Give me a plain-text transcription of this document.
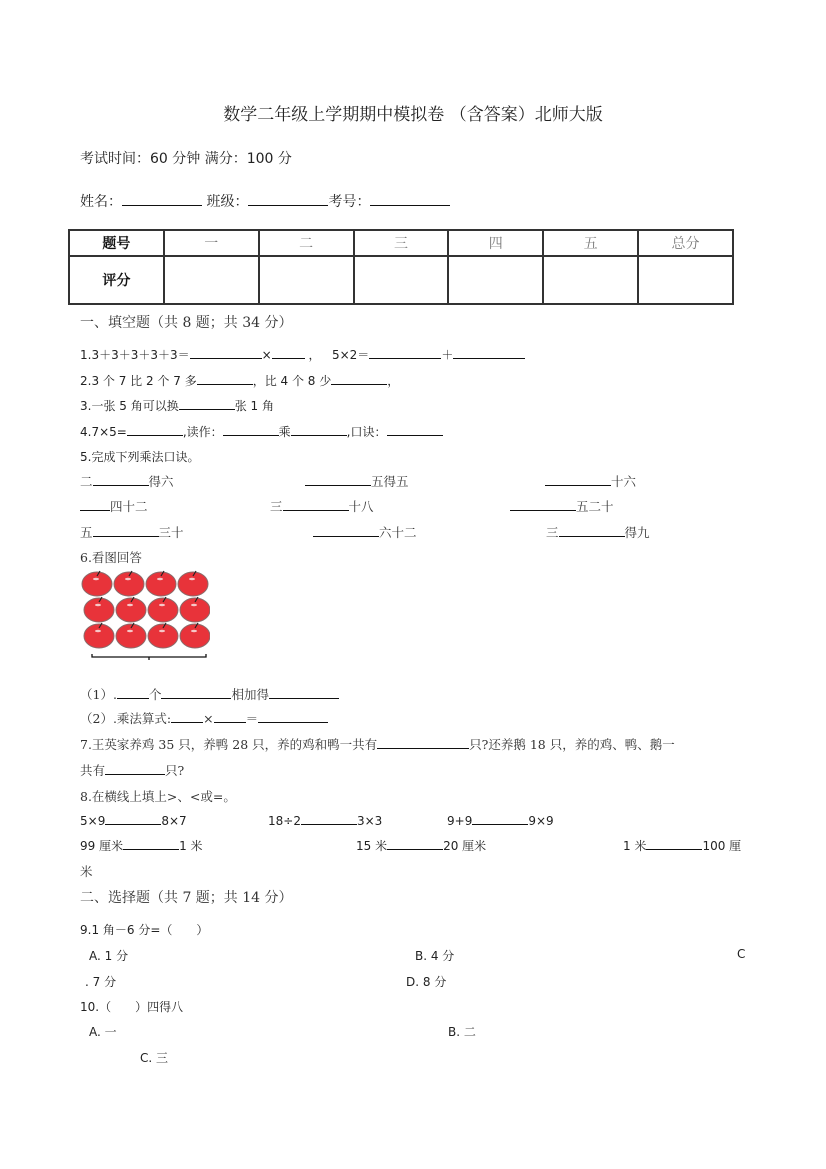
数学二年级上学期期中模拟卷 （含答案）北师大版
考试时间：60 分钟 满分：100 分
姓名：	班级：	考号：
题号	一	二	三	四	五	总分
评分						
一、填空题（共 8 题；共 34 分）
1.3＋3＋3＋3＋3＝	×	， 5×2＝	＋
2.3 个 7 比 2 个 7 多	，比 4 个 8 少	，
3.一张 5 角可以换	张 1 角
4.7×5=	,读作：	乘	,口诀：
5.完成下列乘法口诀。
二	得六	五得五	十六
四十二	三	十八	五二十
五	三十	六十二	三	得九
6.看图回答
（1）.	个	相加得
（2）.乘法算式:	×	＝
7.王英家养鸡 35 只，养鸭 28 只，养的鸡和鸭一共有	只?还养鹅 18 只，养的鸡、鸭、鹅一
共有	只?
8.在横线上填上>、<或=。
5×9	8×7	18÷2	3×3	9+9	9×9
99 厘米	1 米	15 米	20 厘米	1 米	100 厘
米
二、选择题（共 7 题；共 14 分）
9.1 角－6 分=（　　）
A. 1 分	B. 4 分	C
. 7 分	D. 8 分
10.（　　）四得八
A. 一	B. 二
C. 三
